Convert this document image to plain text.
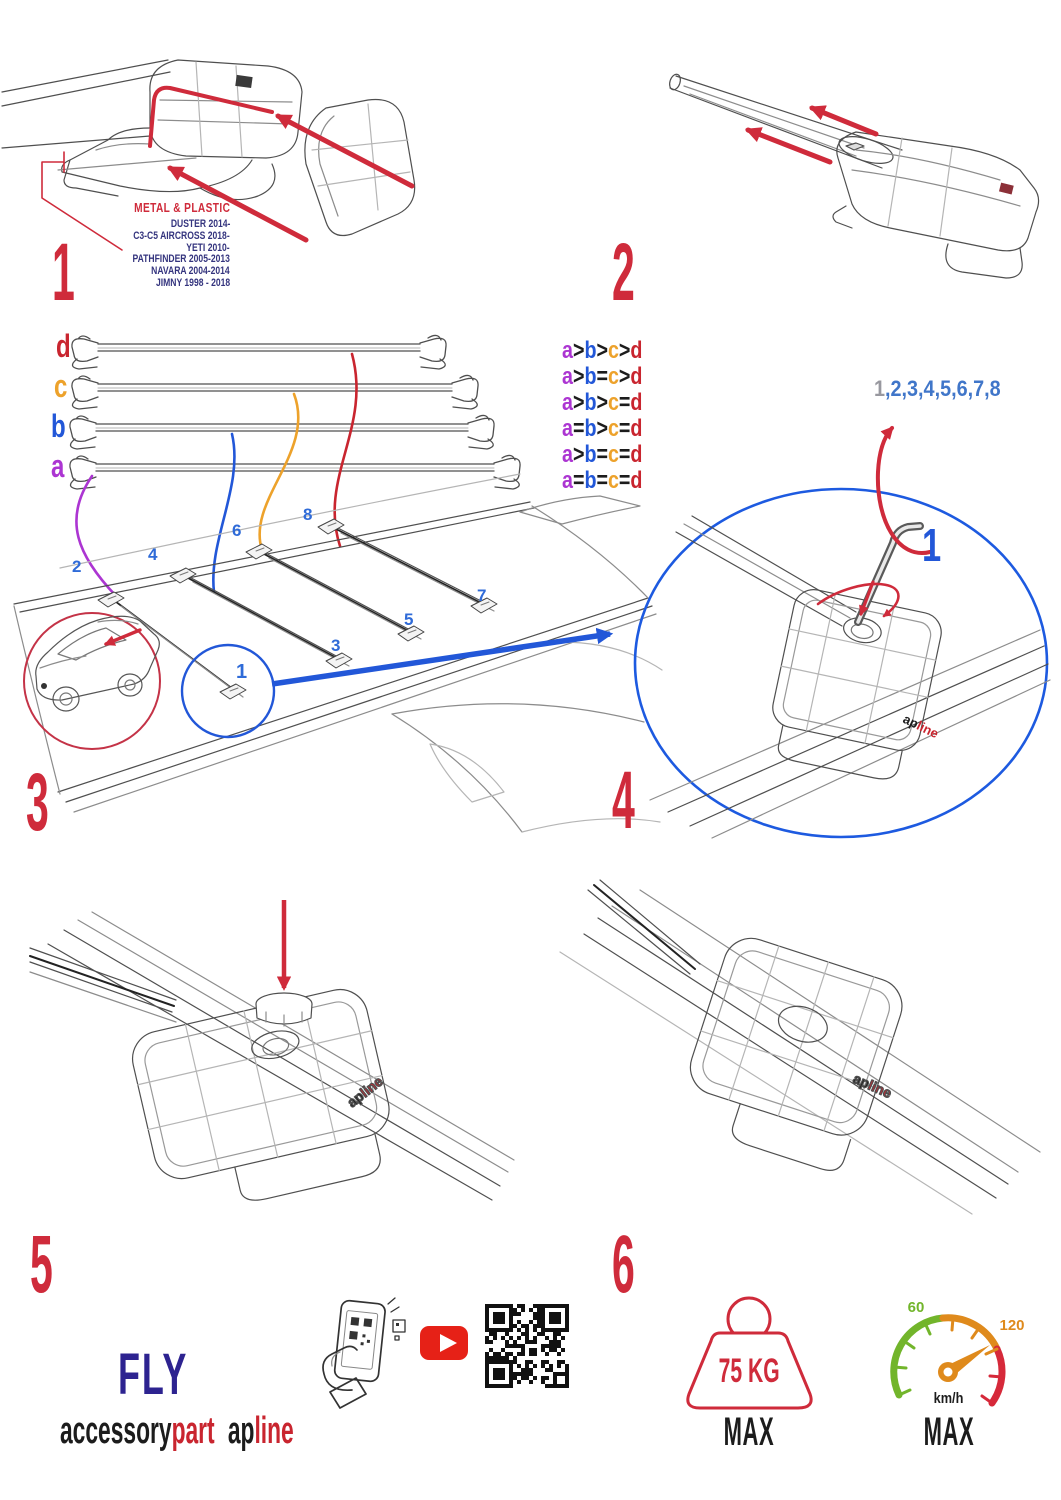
1
2
3
4
5
6
7
8
apline
apline	apline
60
120
1	2
3	4
5	6
METAL & PLASTIC
DUSTER 2014-
C3-C5 AIRCROSS 2018-
YETI 2010-
PATHFINDER 2005-2013
NAVARA 2004-2014
JIMNY 1998 - 2018
d
c
b
a
a>b>c>d
a>b=c>d
a>b>c=d
a=b>c=d
a>b=c=d
a=b=c=d
1,2,3,4,5,6,7,8
1
FLY
accessorypart apline
75 KG
MAX
km/h
MAX
